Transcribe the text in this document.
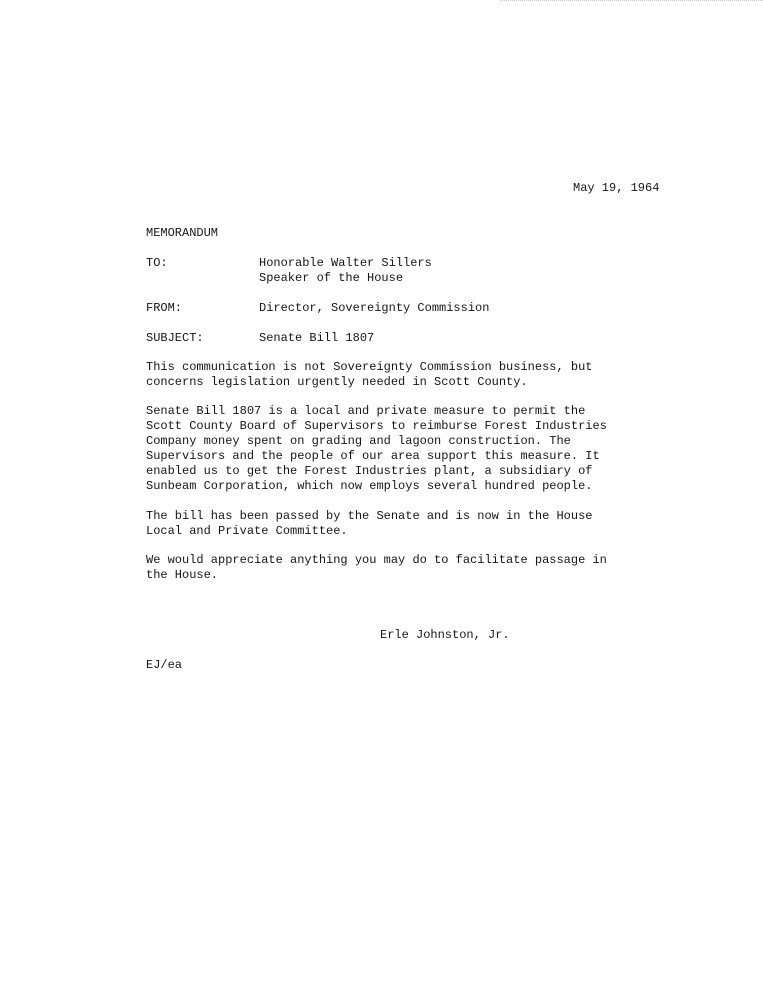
May 19, 1964
MEMORANDUM
TO:	Honorable Walter Sillers
Speaker of the House
FROM:	Director, Sovereignty Commission
SUBJECT:	Senate Bill 1807
This communication is not Sovereignty Commission business, but
concerns legislation urgently needed in Scott County.
Senate Bill 1807 is a local and private measure to permit the
Scott County Board of Supervisors to reimburse Forest Industries
Company money spent on grading and lagoon construction. The
Supervisors and the people of our area support this measure. It
enabled us to get the Forest Industries plant, a subsidiary of
Sunbeam Corporation, which now employs several hundred people.
The bill has been passed by the Senate and is now in the House
Local and Private Committee.
We would appreciate anything you may do to facilitate passage in
the House.
Erle Johnston, Jr.
EJ/ea
